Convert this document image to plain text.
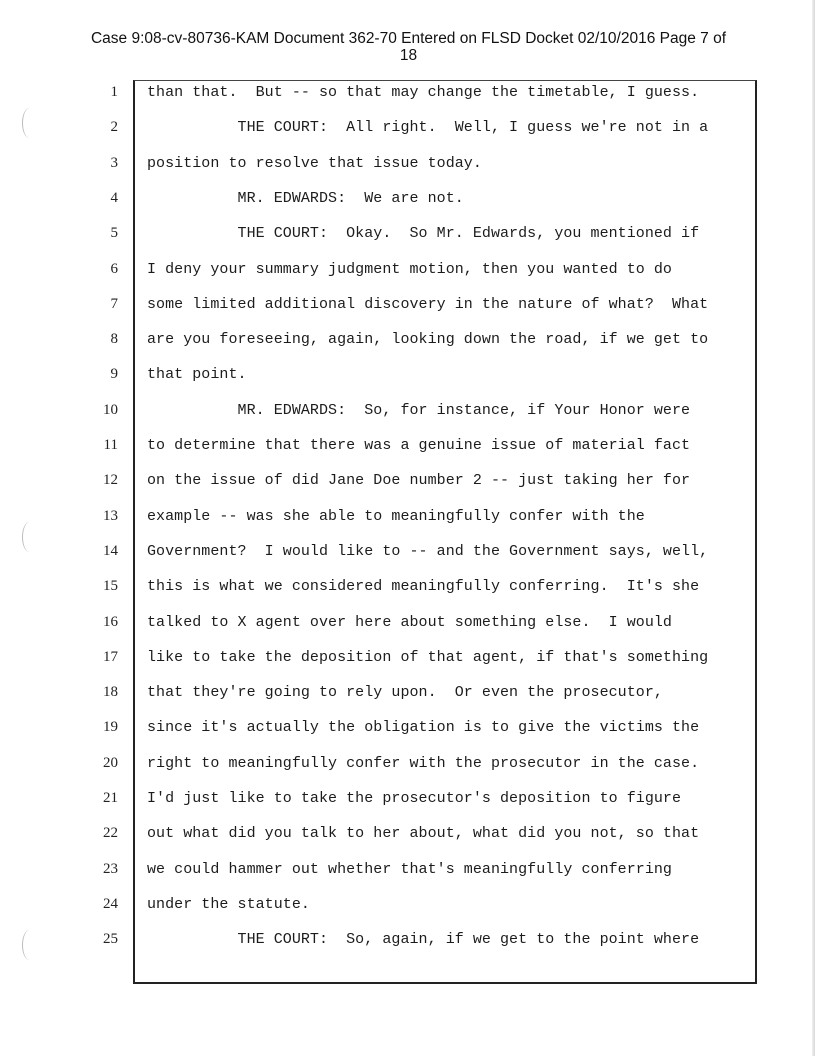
Case 9:08-cv-80736-KAM Document 362-70 Entered on FLSD Docket 02/10/2016 Page 7 of
18
1 than that.  But -- so that may change the timetable, I guess.
2 THE COURT:  All right.  Well, I guess we're not in a
3 position to resolve that issue today.
4 MR. EDWARDS:  We are not.
5 THE COURT:  Okay.  So Mr. Edwards, you mentioned if
6 I deny your summary judgment motion, then you wanted to do
7 some limited additional discovery in the nature of what?  What
8 are you foreseeing, again, looking down the road, if we get to
9 that point.
10 MR. EDWARDS:  So, for instance, if Your Honor were
11 to determine that there was a genuine issue of material fact
12 on the issue of did Jane Doe number 2 -- just taking her for
13 example -- was she able to meaningfully confer with the
14 Government?  I would like to -- and the Government says, well,
15 this is what we considered meaningfully conferring.  It's she
16 talked to X agent over here about something else.  I would
17 like to take the deposition of that agent, if that's something
18 that they're going to rely upon.  Or even the prosecutor,
19 since it's actually the obligation is to give the victims the
20 right to meaningfully confer with the prosecutor in the case.
21 I'd just like to take the prosecutor's deposition to figure
22 out what did you talk to her about, what did you not, so that
23 we could hammer out whether that's meaningfully conferring
24 under the statute.
25 THE COURT:  So, again, if we get to the point where
